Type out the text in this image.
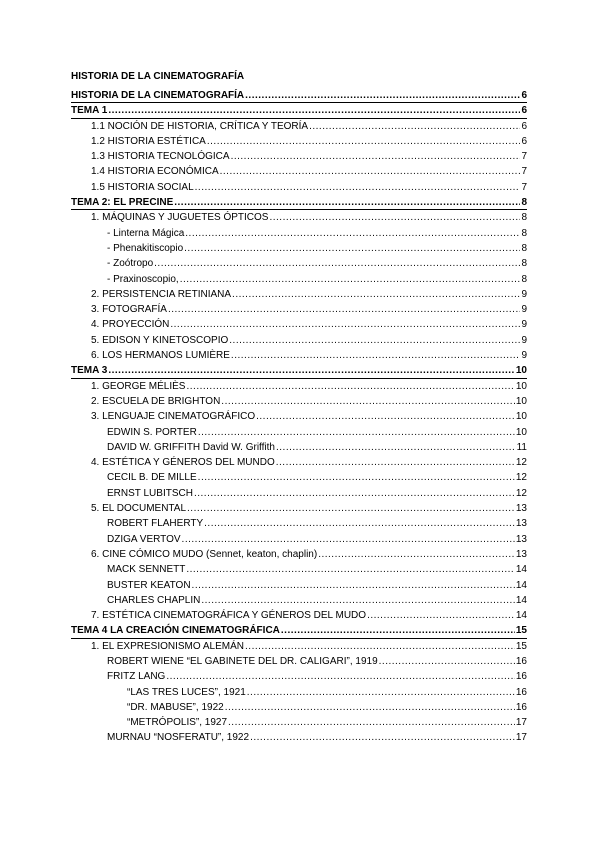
HISTORIA DE LA CINEMATOGRAFÍA
HISTORIA DE LA CINEMATOGRAFÍA .....	6
TEMA 1 .....	6
1.1 NOCIÓN DE HISTORIA, CRÍTICA Y TEORÍA .....	6
1.2 HISTORIA ESTÉTICA .....	6
1.3 HISTORIA TECNOLÓGICA .....	7
1.4 HISTORIA ECONÓMICA .....	7
1.5 HISTORIA SOCIAL .....	7
TEMA 2: EL PRECINE .....	8
1. MÁQUINAS Y JUGUETES ÓPTICOS .....	8
- Linterna Mágica .....	8
- Phenakitiscopio .....	8
- Zoótropo .....	8
- Praxinoscopio, .....	8
2. PERSISTENCIA RETINIANA .....	9
3. FOTOGRAFÍA .....	9
4. PROYECCIÓN .....	9
5. EDISON Y KINETOSCOPIO .....	9
6. LOS HERMANOS LUMIÈRE .....	9
TEMA 3 .....	10
1. GEORGE MÉLIÈS .....	10
2. ESCUELA DE BRIGHTON .....	10
3. LENGUAJE CINEMATOGRÁFICO .....	10
EDWIN S. PORTER .....	10
DAVID W. GRIFFITH David W. Griffith .....	11
4. ESTÉTICA Y GÉNEROS DEL MUNDO .....	12
CECIL B. DE MILLE .....	12
ERNST LUBITSCH .....	12
5. EL DOCUMENTAL .....	13
ROBERT FLAHERTY .....	13
DZIGA VERTOV .....	13
6. CINE CÓMICO MUDO (Sennet, keaton, chaplin) .....	13
MACK SENNETT .....	14
BUSTER KEATON .....	14
CHARLES CHAPLIN .....	14
7. ESTÉTICA CINEMATOGRÁFICA Y GÉNEROS DEL MUDO .....	14
TEMA 4 LA CREACIÓN CINEMATOGRÁFICA .....	15
1. EL EXPRESIONISMO ALEMÁN .....	15
ROBERT WIENE “EL GABINETE DEL DR. CALIGARI”, 1919 .....	16
FRITZ LANG .....	16
“LAS TRES LUCES”, 1921 .....	16
“DR. MABUSE”, 1922 .....	16
“METRÓPOLIS”, 1927 .....	17
MURNAU “NOSFERATU”, 1922 .....	17
